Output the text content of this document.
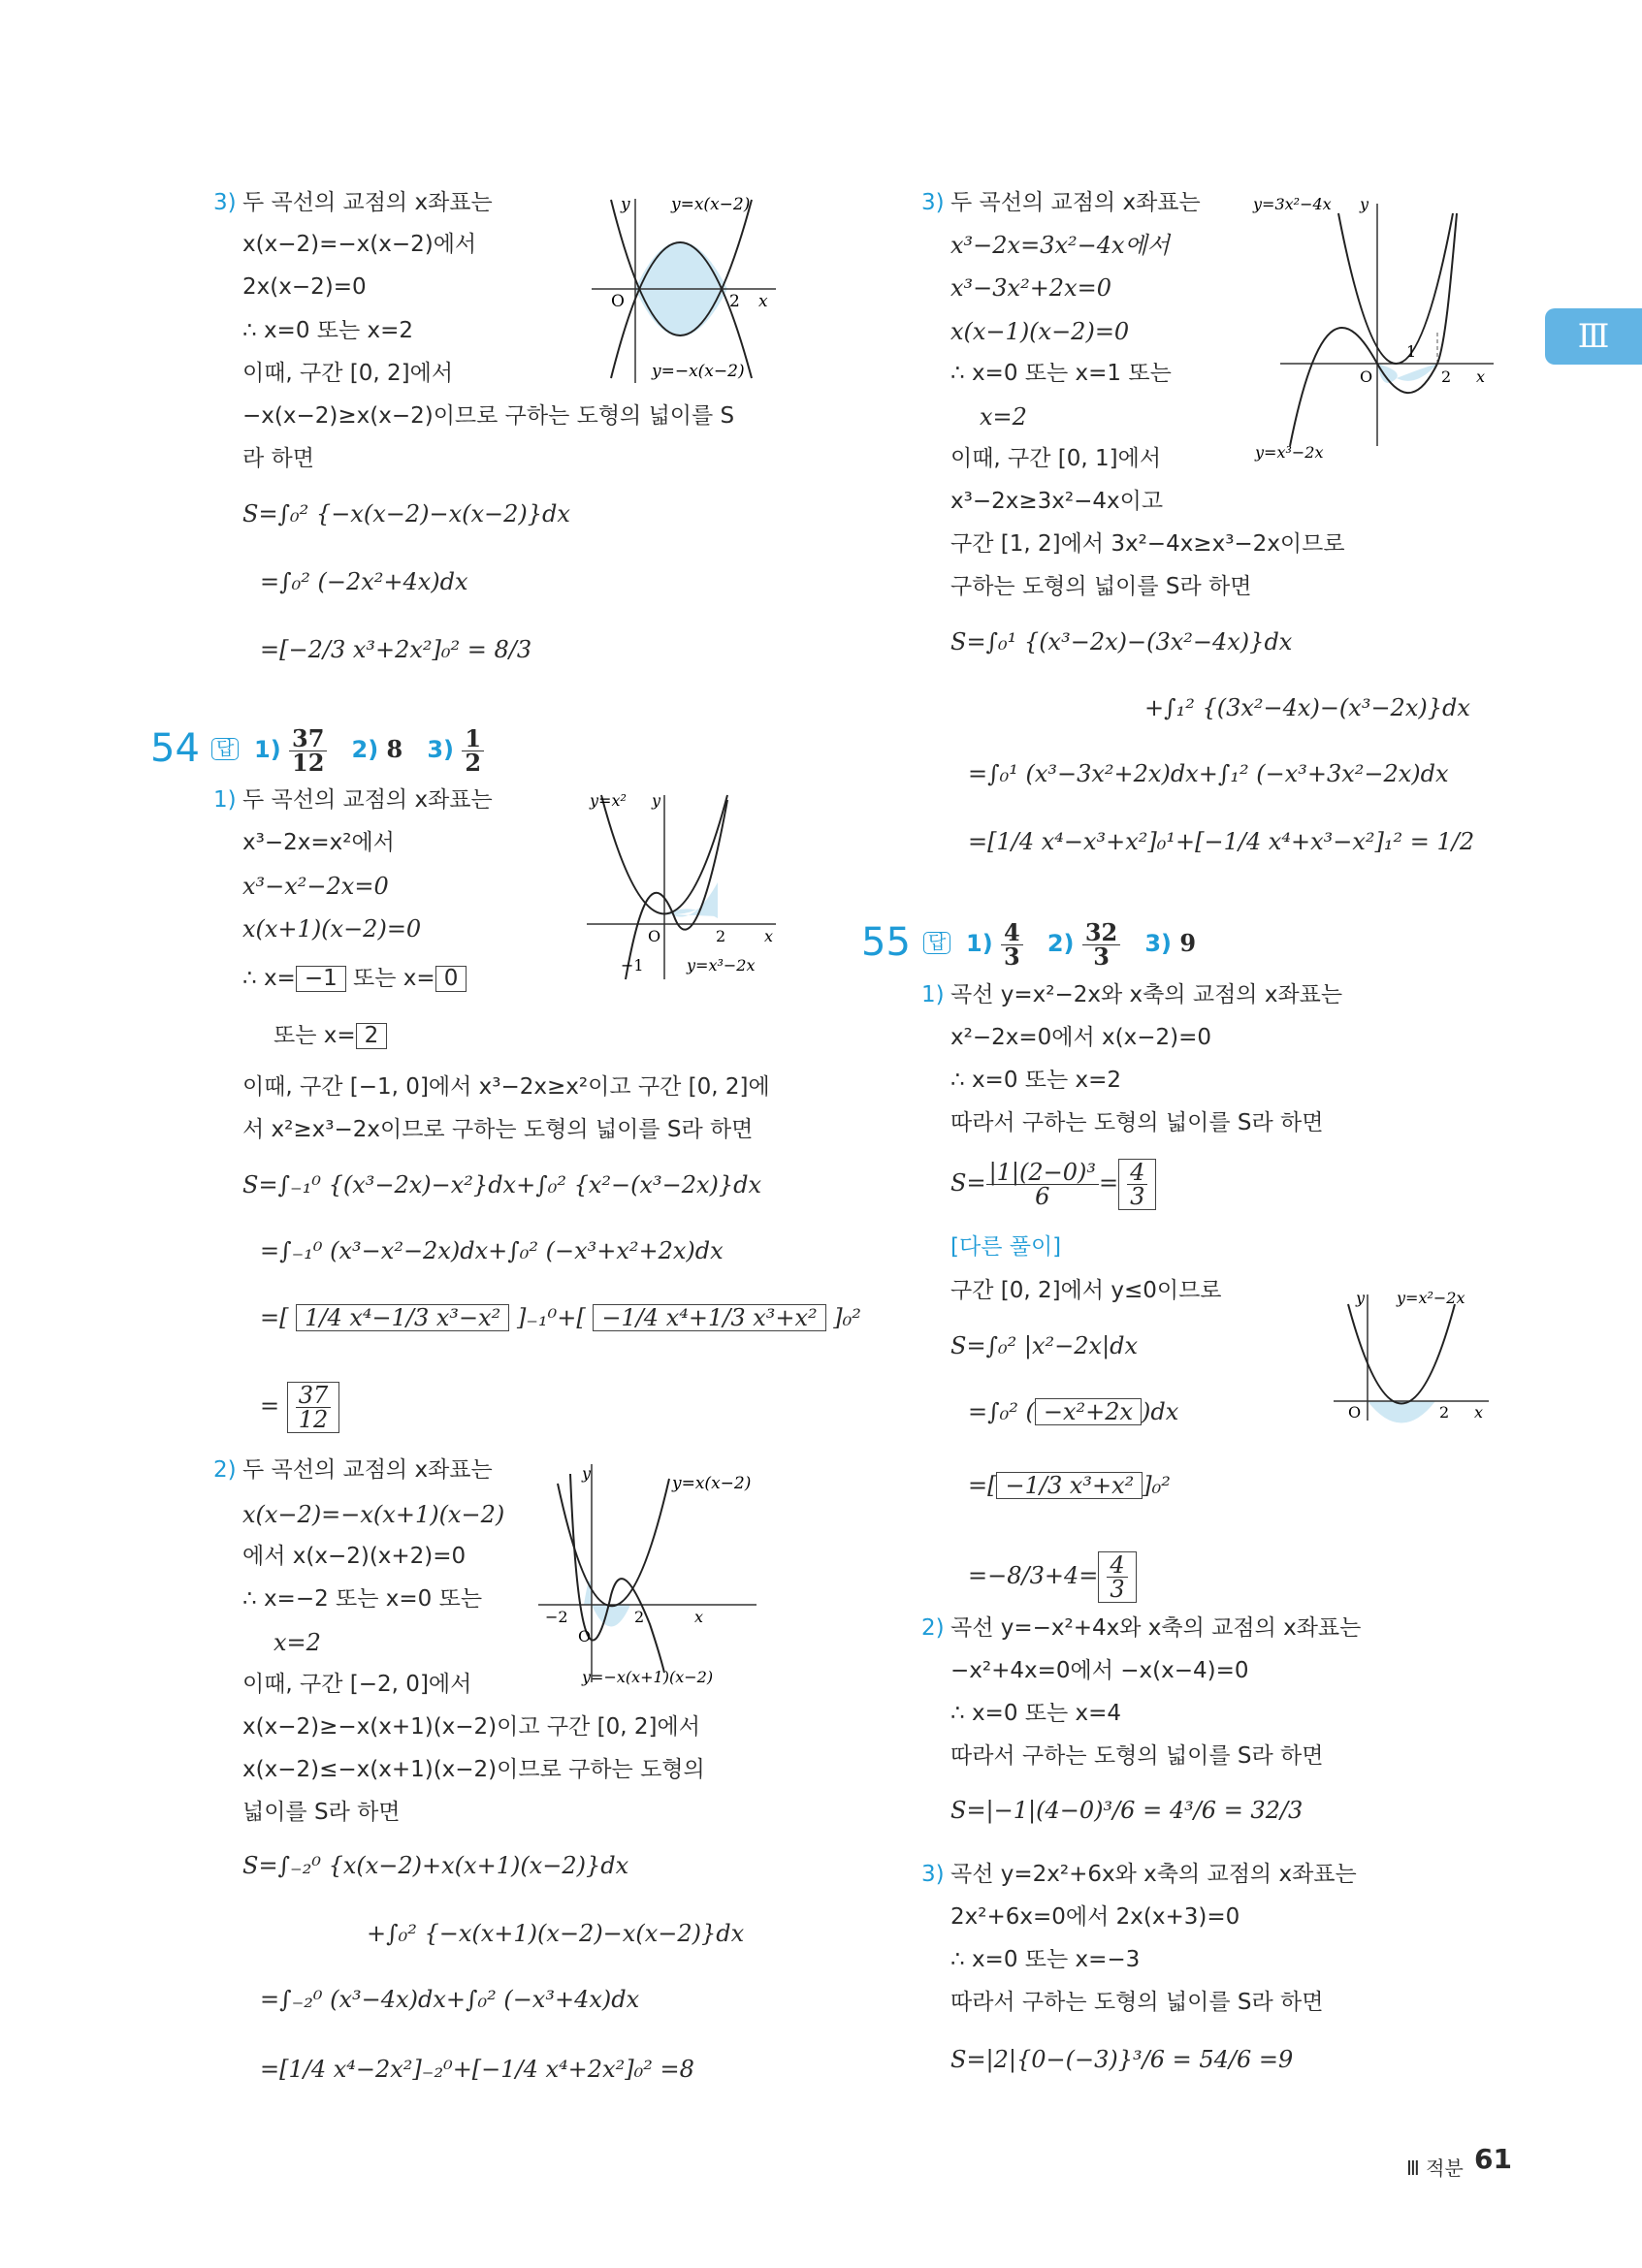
Ⅲ
3) 두 곡선의 교점의 x좌표는
x(x−2)=−x(x−2)에서
2x(x−2)=0
∴ x=0 또는 x=2
이때, 구간 [0, 2]에서
−x(x−2)≥x(x−2)이므로 구하는 도형의 넓이를 S
라 하면
S=∫₀² {−x(x−2)−x(x−2)}dx
=∫₀² (−2x²+4x)dx
=[−2/3 x³+2x²]₀² = 8/3
y y=x(x−2)
O	2 x
y=−x(x−2)
54 답 $1) \frac{37}{12} 2$) 8 $3) \frac{1}{2}$
1) 두 곡선의 교점의 x좌표는
x³−2x=x²에서
x³−x²−2x=0
x(x+1)(x−2)=0
∴ x= −1 또는 x= 0
또는 x= 2
이때, 구간 [−1, 0]에서 x³−2x≥x²이고 구간 [0, 2]에
서 x²≥x³−2x이므로 구하는 도형의 넓이를 S라 하면
S=∫₋₁⁰ {(x³−2x)−x²}dx+∫₀² {x²−(x³−2x)}dx
=∫₋₁⁰ (x³−x²−2x)dx+∫₀² (−x³+x²+2x)dx
=[ 1/4 x⁴−1/3 x³−x² ]₋₁⁰+[ −1/4 x⁴+1/3 x³+x² ]₀²
= $\frac{37}{12}$
y=x² y
O
−1
2 x
y=x³−2x
2) 두 곡선의 교점의 x좌표는
x(x−2)=−x(x+1)(x−2)
에서 x(x−2)(x+2)=0
∴ x=−2 또는 x=0 또는
x=2
이때, 구간 [−2, 0]에서
x(x−2)≥−x(x+1)(x−2)이고 구간 [0, 2]에서
x(x−2)≤−x(x+1)(x−2)이므로 구하는 도형의
넓이를 S라 하면
S=∫₋₂⁰ {x(x−2)+x(x+1)(x−2)}dx
+∫₀² {−x(x+1)(x−2)−x(x−2)}dx
=∫₋₂⁰ (x³−4x)dx+∫₀² (−x³+4x)dx
=[1/4 x⁴−2x²]₋₂⁰+[−1/4 x⁴+2x²]₀² =8
y
y=x(x−2)
−2
O
2	x
y=−x(x+1)(x−2)
3) 두 곡선의 교점의 x좌표는
x³−2x=3x²−4x에서
x³−3x²+2x=0
x(x−1)(x−2)=0
∴ x=0 또는 x=1 또는
x=2
이때, 구간 [0, 1]에서
x³−2x≥3x²−4x이고
구간 [1, 2]에서 3x²−4x≥x³−2x이므로
구하는 도형의 넓이를 S라 하면
S=∫₀¹ {(x³−2x)−(3x²−4x)}dx
+∫₁² {(3x²−4x)−(x³−2x)}dx
=∫₀¹ (x³−3x²+2x)dx+∫₁² (−x³+3x²−2x)dx
=[1/4 x⁴−x³+x²]₀¹+[−1/4 x⁴+x³−x²]₁² = 1/2
y=3x²−4x y
O
1
2 x
y=x³−2x
55 답 $1) \frac{4}{3} 2) \frac{32}{3} 3$) 9
1) 곡선 y=x²−2x와 x축의 교점의 x좌표는
x²−2x=0에서 x(x−2)=0
∴ x=0 또는 x=2
따라서 구하는 도형의 넓이를 S라 하면
$S= \frac{\text{|1|(2−0)³}}{6} = \frac{4}{3}$
[다른 풀이]
구간 [0, 2]에서 y≤0이므로
S=∫₀² |x²−2x|dx
=∫₀² ( −x²+2x )dx
=[ −1/3 x³+x² ]₀²
$=-8/3+4= \frac{4}{3}$
y y=x²−2x
O	2 x
2) 곡선 y=−x²+4x와 x축의 교점의 x좌표는
−x²+4x=0에서 −x(x−4)=0
∴ x=0 또는 x=4
따라서 구하는 도형의 넓이를 S라 하면
S=|−1|(4−0)³/6 = 4³/6 = 32/3
3) 곡선 y=2x²+6x와 x축의 교점의 x좌표는
2x²+6x=0에서 2x(x+3)=0
∴ x=0 또는 x=−3
따라서 구하는 도형의 넓이를 S라 하면
S=|2|{0−(−3)}³/6 = 54/6 =9
Ⅲ 적분 61
